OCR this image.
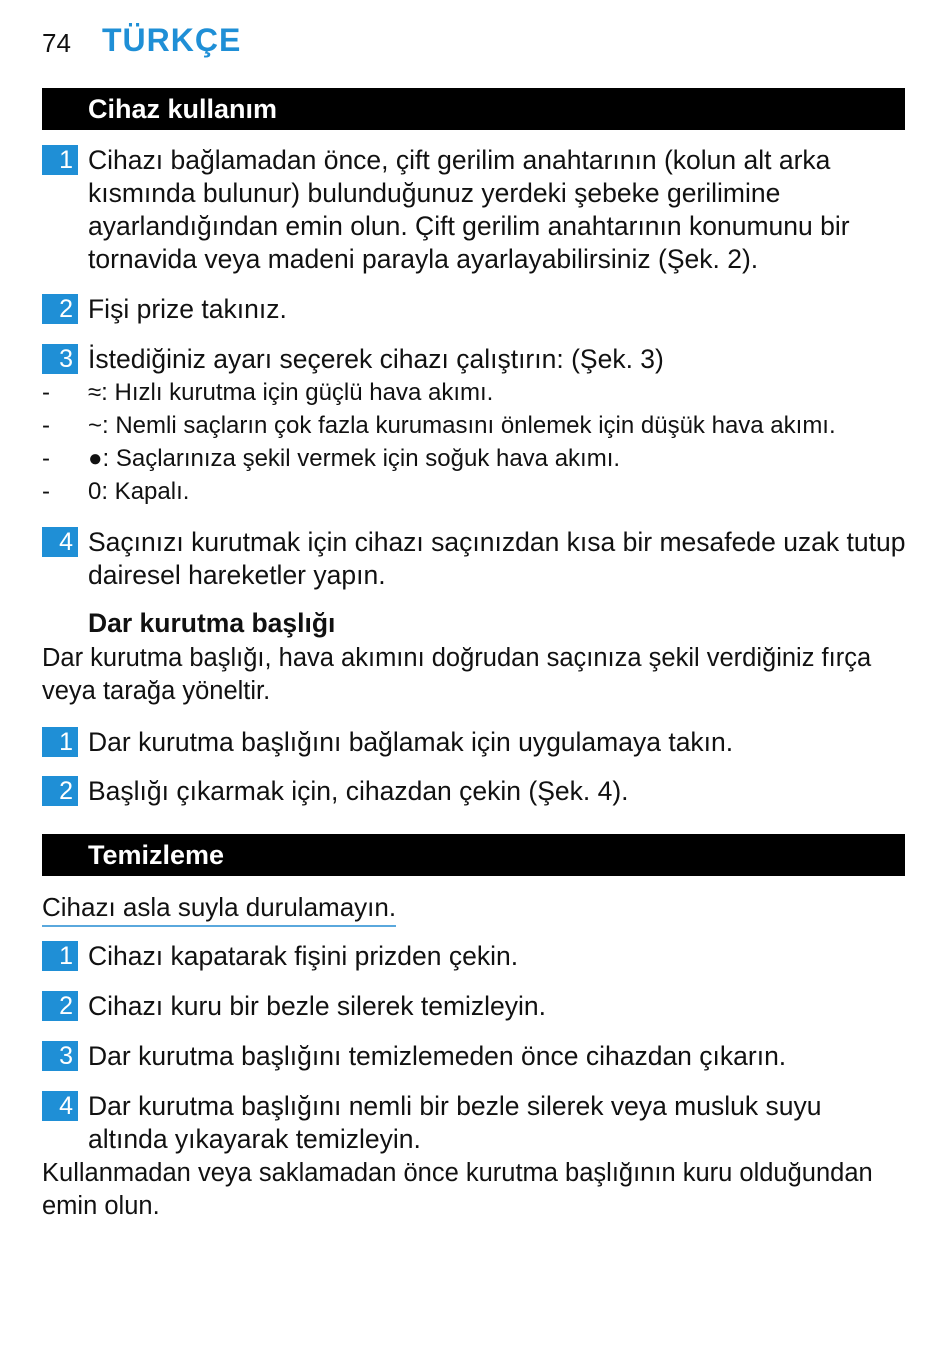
74 TÜRKÇE
Cihaz kullanım
1 Cihazı bağlamadan önce, çift gerilim anahtarının (kolun alt arka kısmında bulunur) bulunduğunuz yerdeki şebeke gerilimine ayarlandığından emin olun. Çift gerilim anahtarının konumunu bir tornavida veya madeni parayla ayarlayabilirsiniz (Şek. 2).
2 Fişi prize takınız.
3 İstediğiniz ayarı seçerek cihazı çalıştırın: (Şek. 3)
- ≈: Hızlı kurutma için güçlü hava akımı.
- ~: Nemli saçların çok fazla kurumasını önlemek için düşük hava akımı.
- ●: Saçlarınıza şekil vermek için soğuk hava akımı.
- 0: Kapalı.
4 Saçınızı kurutmak için cihazı saçınızdan kısa bir mesafede uzak tutup dairesel hareketler yapın.
Dar kurutma başlığı
Dar kurutma başlığı, hava akımını doğrudan saçınıza şekil verdiğiniz fırça veya tarağa yöneltir.
1 Dar kurutma başlığını bağlamak için uygulamaya takın.
2 Başlığı çıkarmak için, cihazdan çekin (Şek. 4).
Temizleme
Cihazı asla suyla durulamayın.
1 Cihazı kapatarak fişini prizden çekin.
2 Cihazı kuru bir bezle silerek temizleyin.
3 Dar kurutma başlığını temizlemeden önce cihazdan çıkarın.
4 Dar kurutma başlığını nemli bir bezle silerek veya musluk suyu altında yıkayarak temizleyin.
Kullanmadan veya saklamadan önce kurutma başlığının kuru olduğundan emin olun.
